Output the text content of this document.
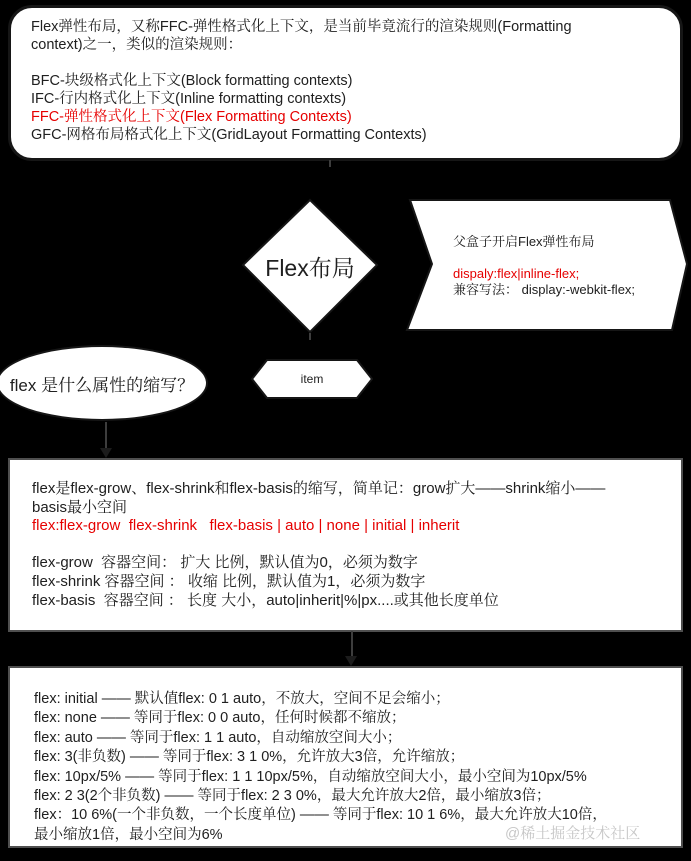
Flex弹性布局，又称FFC-弹性格式化上下文，是当前毕竟流行的渲染规则(Formatting
context)之一，类似的渲染规则：
BFC-块级格式化上下文(Block formatting contexts)
IFC-行内格式化上下文(Inline formatting contexts)
FFC-弹性格式化上下文(Flex Formatting Contexts)
GFC-网格布局格式化上下文(GridLayout Formatting Contexts)
Flex布局
父盒子开启Flex弹性布局
dispaly:flex|inline-flex;
兼容写法： display:-webkit-flex;
flex 是什么属性的缩写？	item
flex是flex-grow、flex-shrink和flex-basis的缩写，简单记：grow扩大——shrink缩小——
basis最小空间
flex:flex-grow  flex-shrink   flex-basis | auto | none | initial | inherit
flex-grow  容器空间： 扩大 比例，默认值为0，必须为数字
flex-shrink 容器空间 ： 收缩 比例，默认值为1，必须为数字
flex-basis  容器空间 ： 长度 大小，auto|inherit|%|px....或其他长度单位
flex: initial —— 默认值flex: 0 1 auto，不放大，空间不足会缩小；
flex: none —— 等同于flex: 0 0 auto，任何时候都不缩放；
flex: auto —— 等同于flex: 1 1 auto，自动缩放空间大小；
flex: 3(非负数) —— 等同于flex: 3 1 0%，允许放大3倍，允许缩放；
flex: 10px/5% —— 等同于flex: 1 1 10px/5%，自动缩放空间大小，最小空间为10px/5%
flex: 2 3(2个非负数) —— 等同于flex: 2 3 0%，最大允许放大2倍，最小缩放3倍；
flex：10 6%(一个非负数，一个长度单位) —— 等同于flex: 10 1 6%，最大允许放大10倍，
最小缩放1倍，最小空间为6%	@稀土掘金技术社区
